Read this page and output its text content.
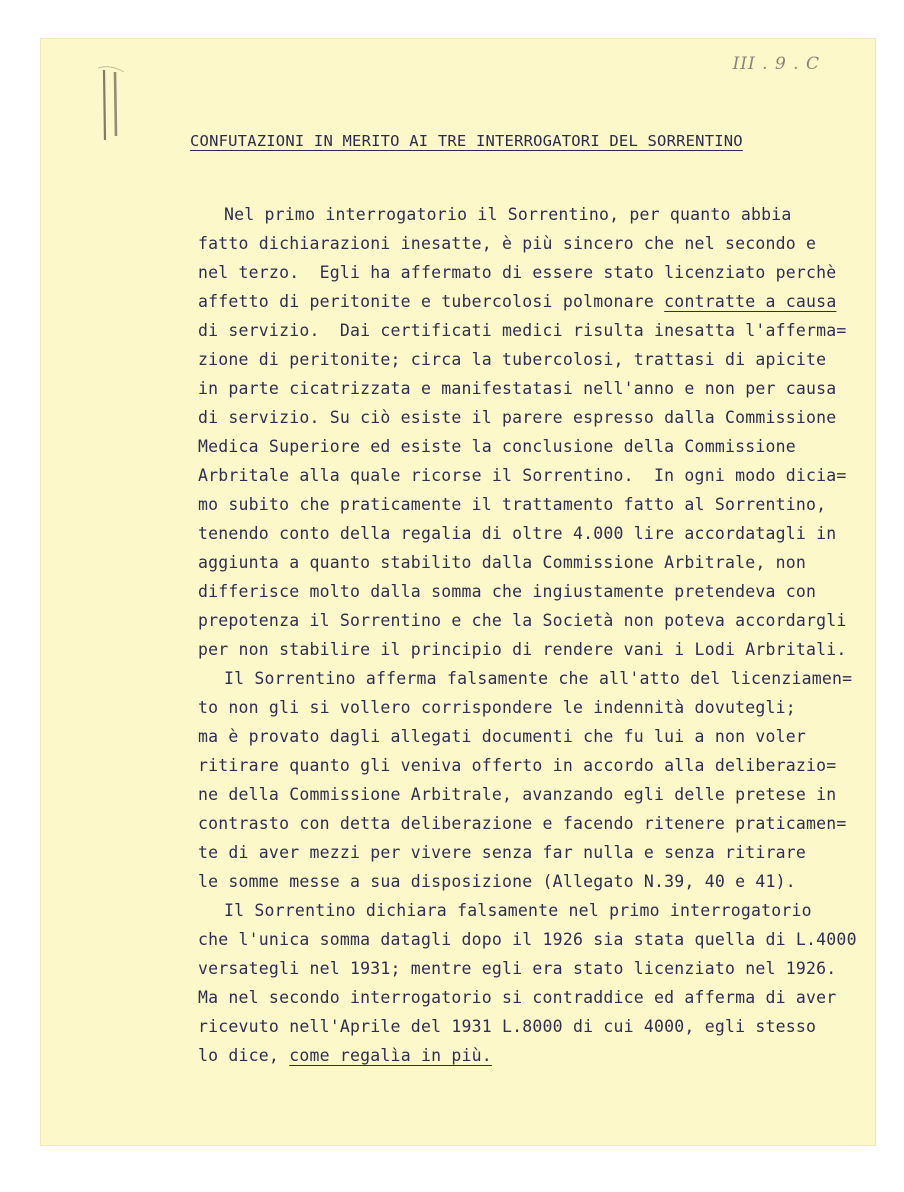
III . 9 . C
CONFUTAZIONI IN MERITO AI TRE INTERROGATORI DEL SORRENTINO
Nel primo interrogatorio il Sorrentino, per quanto abbia
fatto dichiarazioni inesatte, è più sincero che nel secondo e
nel terzo.  Egli ha affermato di essere stato licenziato perchè
affetto di peritonite e tubercolosi polmonare contratte a causa
di servizio.  Dai certificati medici risulta inesatta l'afferma=
zione di peritonite; circa la tubercolosi, trattasi di apicite
in parte cicatrizzata e manifestatasi nell'anno e non per causa
di servizio. Su ciò esiste il parere espresso dalla Commissione
Medica Superiore ed esiste la conclusione della Commissione
Arbritale alla quale ricorse il Sorrentino.  In ogni modo dicia=
mo subito che praticamente il trattamento fatto al Sorrentino,
tenendo conto della regalia di oltre 4.000 lire accordatagli in
aggiunta a quanto stabilito dalla Commissione Arbitrale, non
differisce molto dalla somma che ingiustamente pretendeva con
prepotenza il Sorrentino e che la Società non poteva accordargli
per non stabilire il principio di rendere vani i Lodi Arbritali.
Il Sorrentino afferma falsamente che all'atto del licenziamen=
to non gli si vollero corrispondere le indennità dovutegli;
ma è provato dagli allegati documenti che fu lui a non voler
ritirare quanto gli veniva offerto in accordo alla deliberazio=
ne della Commissione Arbitrale, avanzando egli delle pretese in
contrasto con detta deliberazione e facendo ritenere praticamen=
te di aver mezzi per vivere senza far nulla e senza ritirare
le somme messe a sua disposizione (Allegato N.39, 40 e 41).
Il Sorrentino dichiara falsamente nel primo interrogatorio
che l'unica somma datagli dopo il 1926 sia stata quella di L.4000
versategli nel 1931; mentre egli era stato licenziato nel 1926.
Ma nel secondo interrogatorio si contraddice ed afferma di aver
ricevuto nell'Aprile del 1931 L.8000 di cui 4000, egli stesso
lo dice, come regalìa in più.
